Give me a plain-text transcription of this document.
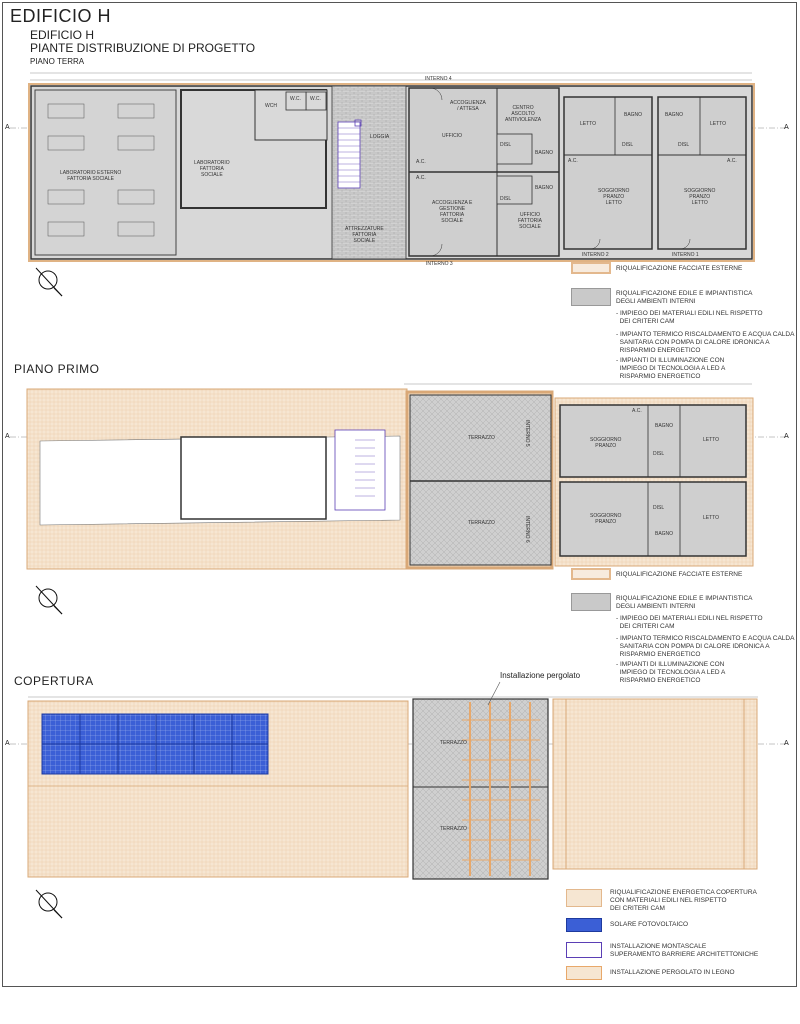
EDIFICIO H
EDIFICIO H
PIANTE DISTRIBUZIONE DI PROGETTO
PIANO TERRA
A	A
A	A
A	A
LABORATORIO ESTERNO
FATTORIA SOCIALE
LABORATORIO
FATTORIA
SOCIALE
WCH
W.C. W.C.
LOGGIA
ATTREZZATURE
FATTORIA
SOCIALE
ACCOGLIENZA
/ ATTESA	CENTRO
ASCOLTO
ANTIVIOLENZA
UFFICIO
DISL
BAGNO
BAGNO
DISL
ACCOGLIENZA E
GESTIONE
FATTORIA
SOCIALE
UFFICIO
FATTORIA
SOCIALE
LETTO
BAGNO	BAGNO
LETTO
DISL	DISL
SOGGIORNO
PRANZO
LETTO
SOGGIORNO
PRANZO
LETTO
A.C.
A.C.
A.C.	A.C.
INTERNO 4
INTERNO 3
INTERNO 2	INTERNO 1
RIQUALIFICAZIONE FACCIATE ESTERNE
RIQUALIFICAZIONE EDILE E IMPIANTISTICA
DEGLI AMBIENTI INTERNI
- IMPIEGO DEI MATERIALI EDILI NEL RISPETTO
DEI CRITERI CAM
- IMPIANTO TERMICO RISCALDAMENTO E ACQUA CALDA
SANITARIA CON POMPA DI CALORE IDRONICA A
RISPARMIO ENERGETICO
- IMPIANTI DI ILLUMINAZIONE CON
IMPIEGO DI TECNOLOGIA A LED A
RISPARMIO ENERGETICO
PIANO PRIMO
TERRAZZO
TERRAZZO
INTERNO 5
INTERNO 6
SOGGIORNO
PRANZO
SOGGIORNO
PRANZO
BAGNO
BAGNO
DISL
DISL
LETTO
LETTO
A.C.
RIQUALIFICAZIONE FACCIATE ESTERNE
RIQUALIFICAZIONE EDILE E IMPIANTISTICA
DEGLI AMBIENTI INTERNI
- IMPIEGO DEI MATERIALI EDILI NEL RISPETTO
DEI CRITERI CAM
- IMPIANTO TERMICO RISCALDAMENTO E ACQUA CALDA
SANITARIA CON POMPA DI CALORE IDRONICA A
RISPARMIO ENERGETICO
- IMPIANTI DI ILLUMINAZIONE CON
IMPIEGO DI TECNOLOGIA A LED A
RISPARMIO ENERGETICO
COPERTURA	Installazione pergolato
TERRAZZO
TERRAZZO
RIQUALIFICAZIONE ENERGETICA COPERTURA
CON MATERIALI EDILI NEL RISPETTO
DEI CRITERI CAM
SOLARE FOTOVOLTAICO
INSTALLAZIONE MONTASCALE
SUPERAMENTO BARRIERE ARCHITETTONICHE
INSTALLAZIONE PERGOLATO IN LEGNO
